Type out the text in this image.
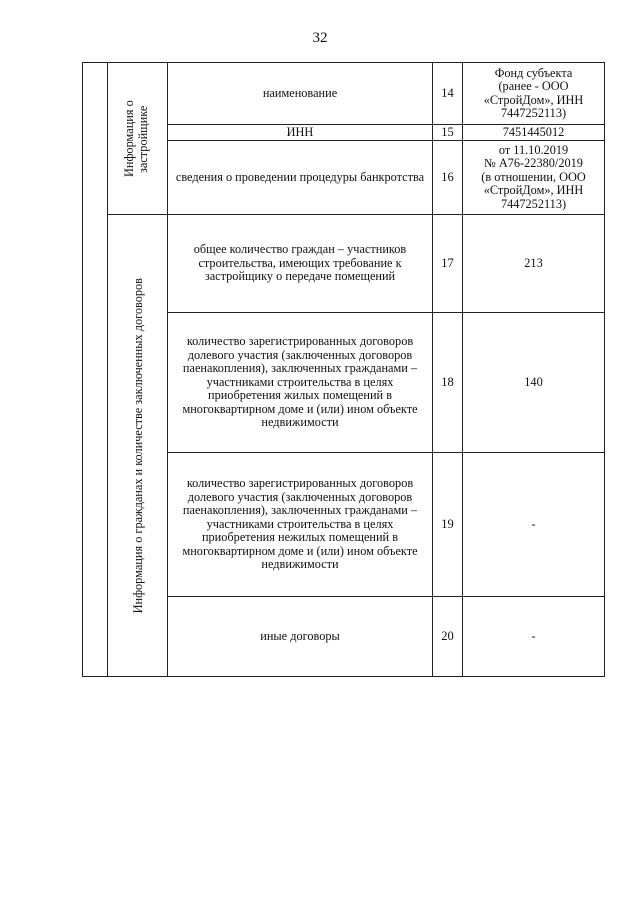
32

	Информация о застройщике	наименование	14	Фонд субъекта
(ранее - ООО
«СтройДом», ИНН
7447252113)
		ИНН	15	7451445012
		сведения о проведении процедуры банкротства	16	от 11.10.2019
№ А76-22380/2019
(в отношении, ООО
«СтройДом», ИНН
7447252113)

	Информация о гражданах и количестве заключенных договоров	общее количество граждан – участников строительства, имеющих требование к застройщику о передаче помещений	17	213
		количество зарегистрированных договоров долевого участия (заключенных договоров паенакопления), заключенных гражданами – участниками строительства в целях приобретения жилых помещений в многоквартирном доме и (или) ином объекте недвижимости	18	140
		количество зарегистрированных договоров долевого участия (заключенных договоров паенакопления), заключенных гражданами – участниками строительства в целях приобретения нежилых помещений в многоквартирном доме и (или) ином объекте недвижимости	19	-
		иные договоры	20	-
